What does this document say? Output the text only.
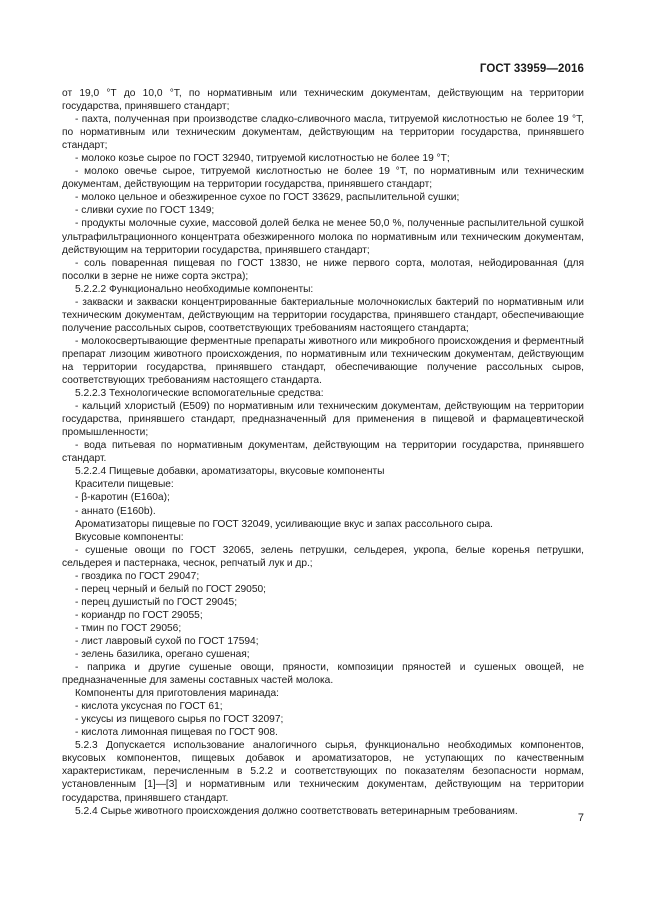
ГОСТ 33959—2016

от 19,0 °Т до 10,0 °Т, по нормативным или техническим документам, действующим на территории государства, принявшего стандарт;

- пахта, полученная при производстве сладко-сливочного масла, титруемой кислотностью не более 19 °Т, по нормативным или техническим документам, действующим на территории государства, принявшего стандарт;

- молоко козье сырое по ГОСТ 32940, титруемой кислотностью не более 19 °Т;

- молоко овечье сырое, титруемой кислотностью не более 19 °Т, по нормативным или техническим документам, действующим на территории государства, принявшего стандарт;

- молоко цельное и обезжиренное сухое по ГОСТ 33629, распылительной сушки;

- сливки сухие по ГОСТ 1349;

- продукты молочные сухие, массовой долей белка не менее 50,0 %, полученные распылительной сушкой ультрафильтрационного концентрата обезжиренного молока по нормативным или техническим документам, действующим на территории государства, принявшего стандарт;

- соль поваренная пищевая по ГОСТ 13830, не ниже первого сорта, молотая, нейодированная (для посолки в зерне не ниже сорта экстра);

5.2.2.2 Функционально необходимые компоненты:

- закваски и закваски концентрированные бактериальные молочнокислых бактерий по нормативным или техническим документам, действующим на территории государства, принявшего стандарт, обеспечивающие получение рассольных сыров, соответствующих требованиям настоящего стандарта;

- молокосвертывающие ферментные препараты животного или микробного происхождения и ферментный препарат лизоцим животного происхождения, по нормативным или техническим документам, действующим на территории государства, принявшего стандарт, обеспечивающие получение рассольных сыров, соответствующих требованиям настоящего стандарта.

5.2.2.3 Технологические вспомогательные средства:

- кальций хлористый (Е509) по нормативным или техническим документам, действующим на территории государства, принявшего стандарт, предназначенный для применения в пищевой и фармацевтической промышленности;

- вода питьевая по нормативным документам, действующим на территории государства, принявшего стандарт.

5.2.2.4 Пищевые добавки, ароматизаторы, вкусовые компоненты

Красители пищевые:

- β-каротин (Е160а);

- аннато (Е160b).

Ароматизаторы пищевые по ГОСТ 32049, усиливающие вкус и запах рассольного сыра.

Вкусовые компоненты:

- сушеные овощи по ГОСТ 32065, зелень петрушки, сельдерея, укропа, белые коренья петрушки, сельдерея и пастернака, чеснок, репчатый лук и др.;

- гвоздика по ГОСТ 29047;

- перец черный и белый по ГОСТ 29050;

- перец душистый по ГОСТ 29045;

- кориандр по ГОСТ 29055;

- тмин по ГОСТ 29056;

- лист лавровый сухой по ГОСТ 17594;

- зелень базилика, орегано сушеная;

- паприка и другие сушеные овощи, пряности, композиции пряностей и сушеных овощей, не предназначенные для замены составных частей молока.

Компоненты для приготовления маринада:

- кислота уксусная по ГОСТ 61;

- уксусы из пищевого сырья по ГОСТ 32097;

- кислота лимонная пищевая по ГОСТ 908.

5.2.3 Допускается использование аналогичного сырья, функционально необходимых компонентов, вкусовых компонентов, пищевых добавок и ароматизаторов, не уступающих по качественным характеристикам, перечисленным в 5.2.2 и соответствующих по показателям безопасности нормам, установленным [1]—[3] и нормативным или техническим документам, действующим на территории государства, принявшего стандарт.

5.2.4 Сырье животного происхождения должно соответствовать ветеринарным требованиям.

7
